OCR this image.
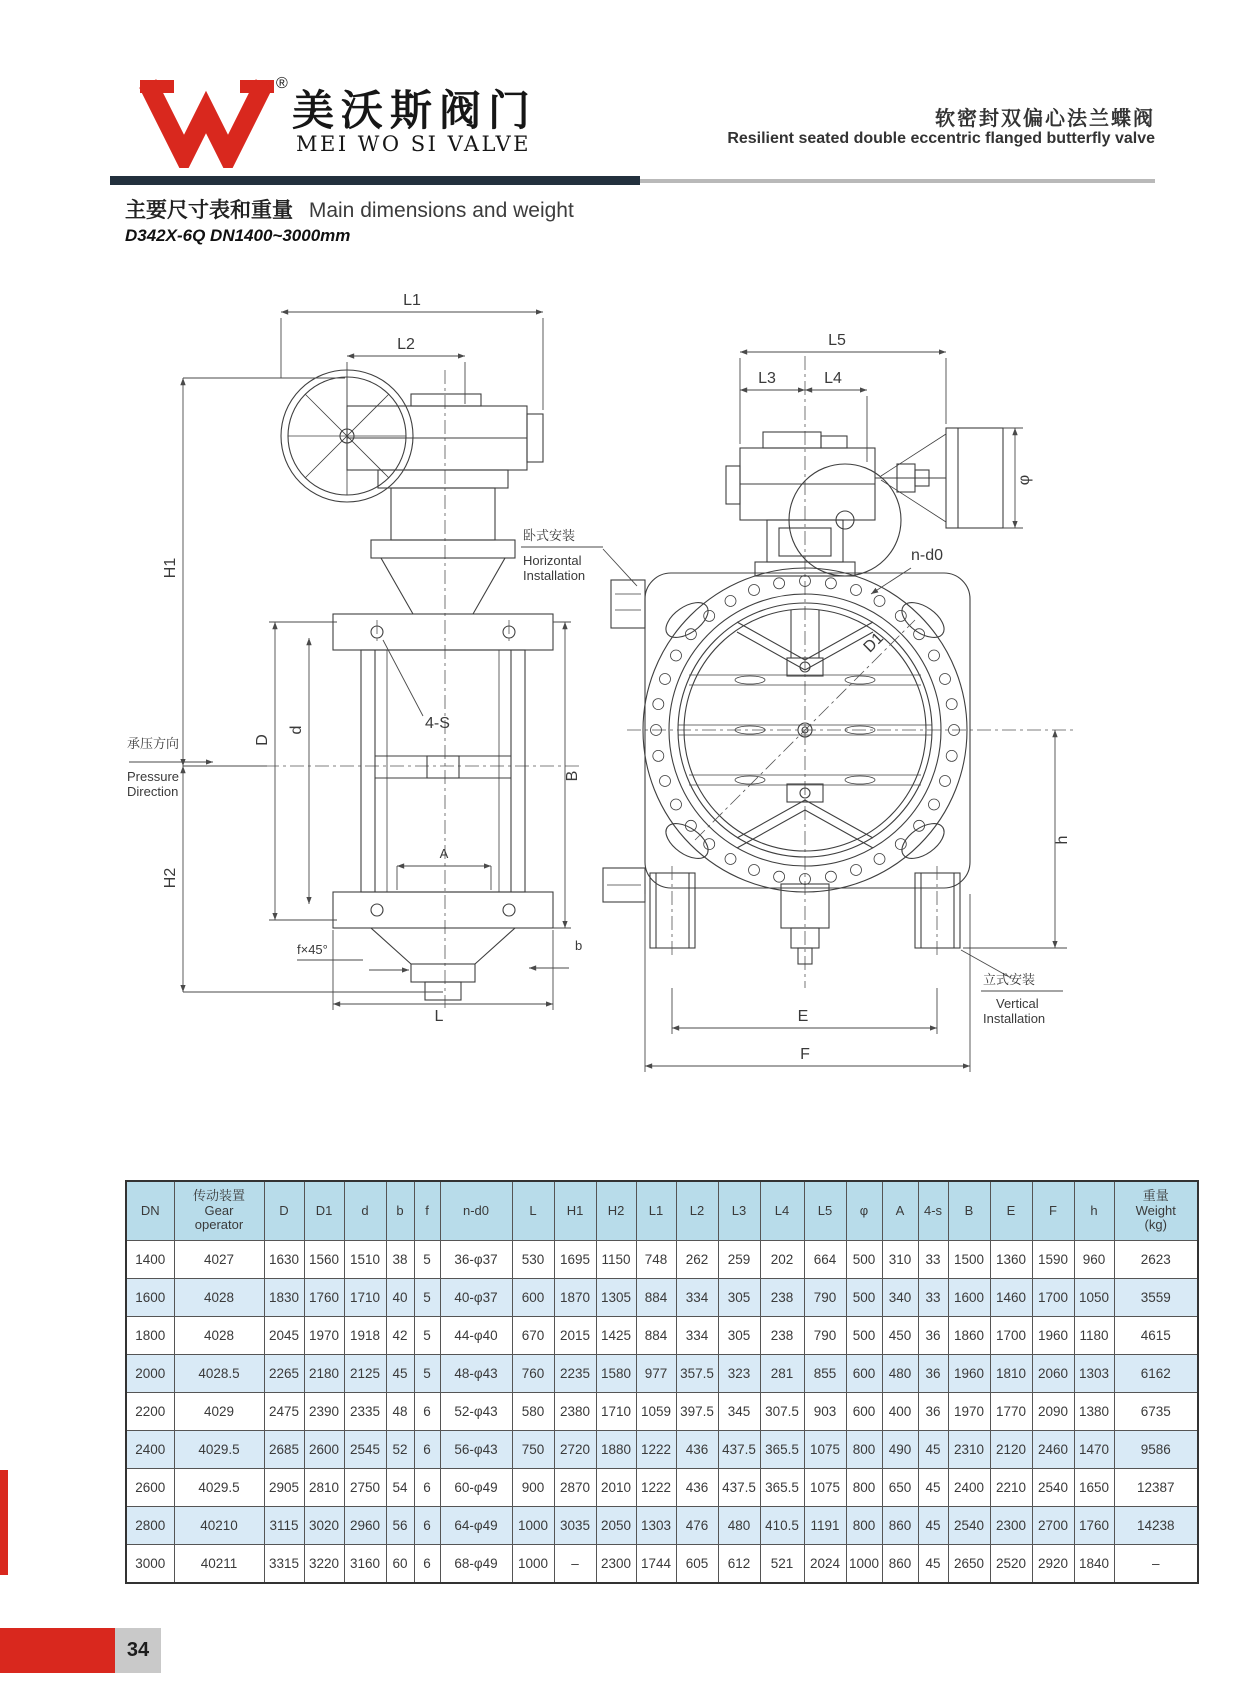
®
美沃斯阀门
MEI WO SI VALVE
软密封双偏心法兰蝶阀
Resilient seated double eccentric flanged butterfly valve
主要尺寸表和重量 Main dimensions and weight
D342X-6Q DN1400~3000mm
L1
L2
H1
H2
D
d
A
B
4-S
f×45°	b
L
承压方向
Pressure
Direction
D1
φ
L5
L3	L4
n-d0
卧式安装
Horizontal
Installation
h
E
F
立式安装
Vertical
Installation
DN	传动装置
Gear
operator	D	D1	d	b	f	n-d0	L	H1	H2	L1	L2	L3	L4	L5	φ	A	4-s	B	E	F	h	重量
Weight
(kg)
1400	4027	1630	1560	1510	38	5	36-φ37	530	1695	1150	748	262	259	202	664	500	310	33	1500	1360	1590	960	2623
1600	4028	1830	1760	1710	40	5	40-φ37	600	1870	1305	884	334	305	238	790	500	340	33	1600	1460	1700	1050	3559
1800	4028	2045	1970	1918	42	5	44-φ40	670	2015	1425	884	334	305	238	790	500	450	36	1860	1700	1960	1180	4615
2000	4028.5	2265	2180	2125	45	5	48-φ43	760	2235	1580	977	357.5	323	281	855	600	480	36	1960	1810	2060	1303	6162
2200	4029	2475	2390	2335	48	6	52-φ43	580	2380	1710	1059	397.5	345	307.5	903	600	400	36	1970	1770	2090	1380	6735
2400	4029.5	2685	2600	2545	52	6	56-φ43	750	2720	1880	1222	436	437.5	365.5	1075	800	490	45	2310	2120	2460	1470	9586
2600	4029.5	2905	2810	2750	54	6	60-φ49	900	2870	2010	1222	436	437.5	365.5	1075	800	650	45	2400	2210	2540	1650	12387
2800	40210	3115	3020	2960	56	6	64-φ49	1000	3035	2050	1303	476	480	410.5	1191	800	860	45	2540	2300	2700	1760	14238
3000	40211	3315	3220	3160	60	6	68-φ49	1000	–	2300	1744	605	612	521	2024	1000	860	45	2650	2520	2920	1840	–
34
